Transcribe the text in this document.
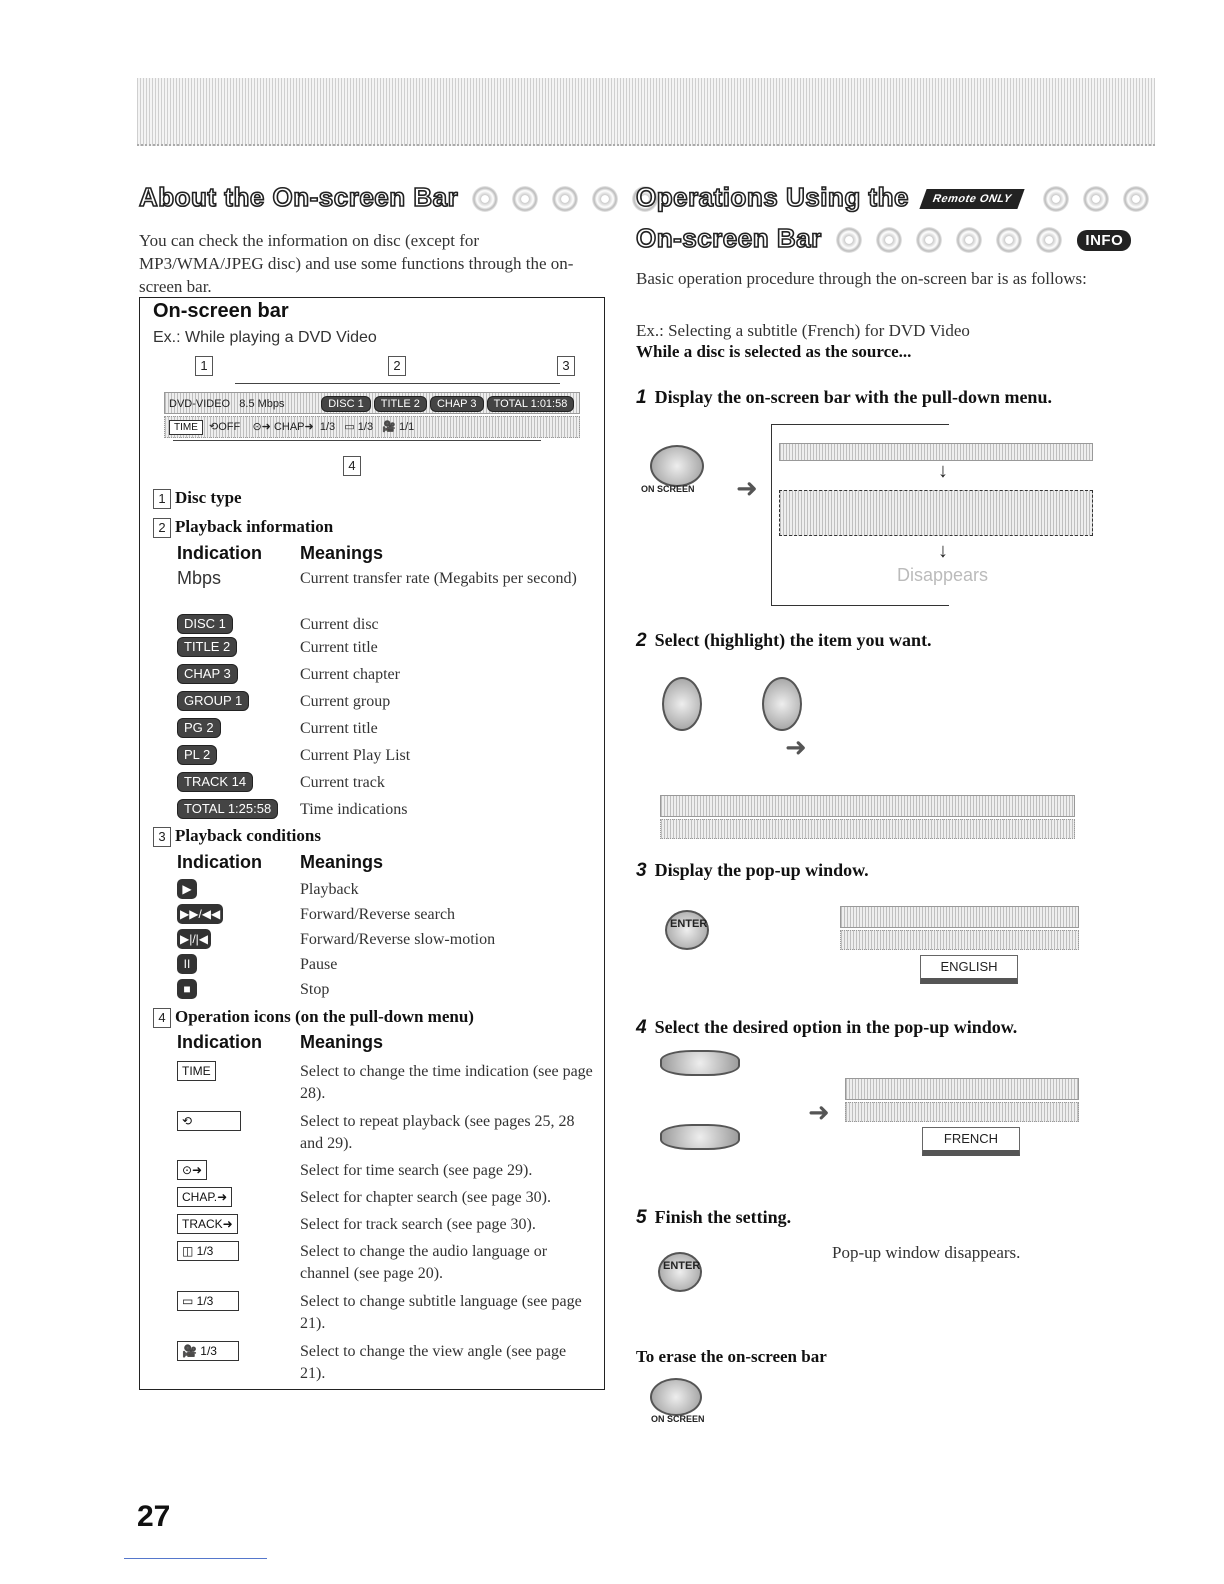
About the On-screen Bar
You can check the information on disc (except for MP3/WMA/JPEG disc) and use some functions through the on-screen bar.
On-screen bar
Ex.: While playing a DVD Video
1	2	3
DVD-VIDEO 8.5 Mbps	DISC 1 TITLE 2 CHAP 3 TOTAL 1:01:58
TIME  ⟲OFF    ⊙➜ CHAP➜  1/3   ▭ 1/3   🎥 1/1
4
1 Disc type
2 Playback information
Indication Meanings
Mbps	Current transfer rate (Megabits per second)
DISC 1	Current disc
TITLE 2	Current title
CHAP 3	Current chapter
GROUP 1	Current group
PG 2	Current title
PL 2	Current Play List
TRACK 14	Current track
TOTAL 1:25:58	Time indications
3 Playback conditions
Indication Meanings
▶	Playback
▶▶/◀◀	Forward/Reverse search
▶|/|◀	Forward/Reverse slow-motion
II	Pause
■	Stop
4 Operation icons (on the pull-down menu)
Indication Meanings
TIME	Select to change the time indication (see page 28).
⟲	Select to repeat playback (see pages 25, 28 and 29).
⊙➜	Select for time search (see page 29).
CHAP.➜	Select for chapter search (see page 30).
TRACK➜	Select for track search (see page 30).
◫ 1/3	Select to change the audio language or channel (see page 20).
▭ 1/3	Select to change subtitle language (see page 21).
🎥 1/3	Select to change the view angle (see page 21).
Operations Using the Remote ONLY
On-screen Bar	INFO
Basic operation procedure through the on-screen bar is as follows:
Ex.: Selecting a subtitle (French) for DVD Video
While a disc is selected as the source...
1 Display the on-screen bar with the pull-down menu.
ON SCREEN ➜
↓
↓
Disappears
2 Select (highlight) the item you want.
➜
3 Display the pop-up window.
ENTER
ENGLISH
4 Select the desired option in the pop-up window.
➜
FRENCH
5 Finish the setting.
ENTER
Pop-up window disappears.
To erase the on-screen bar
ON SCREEN
27
